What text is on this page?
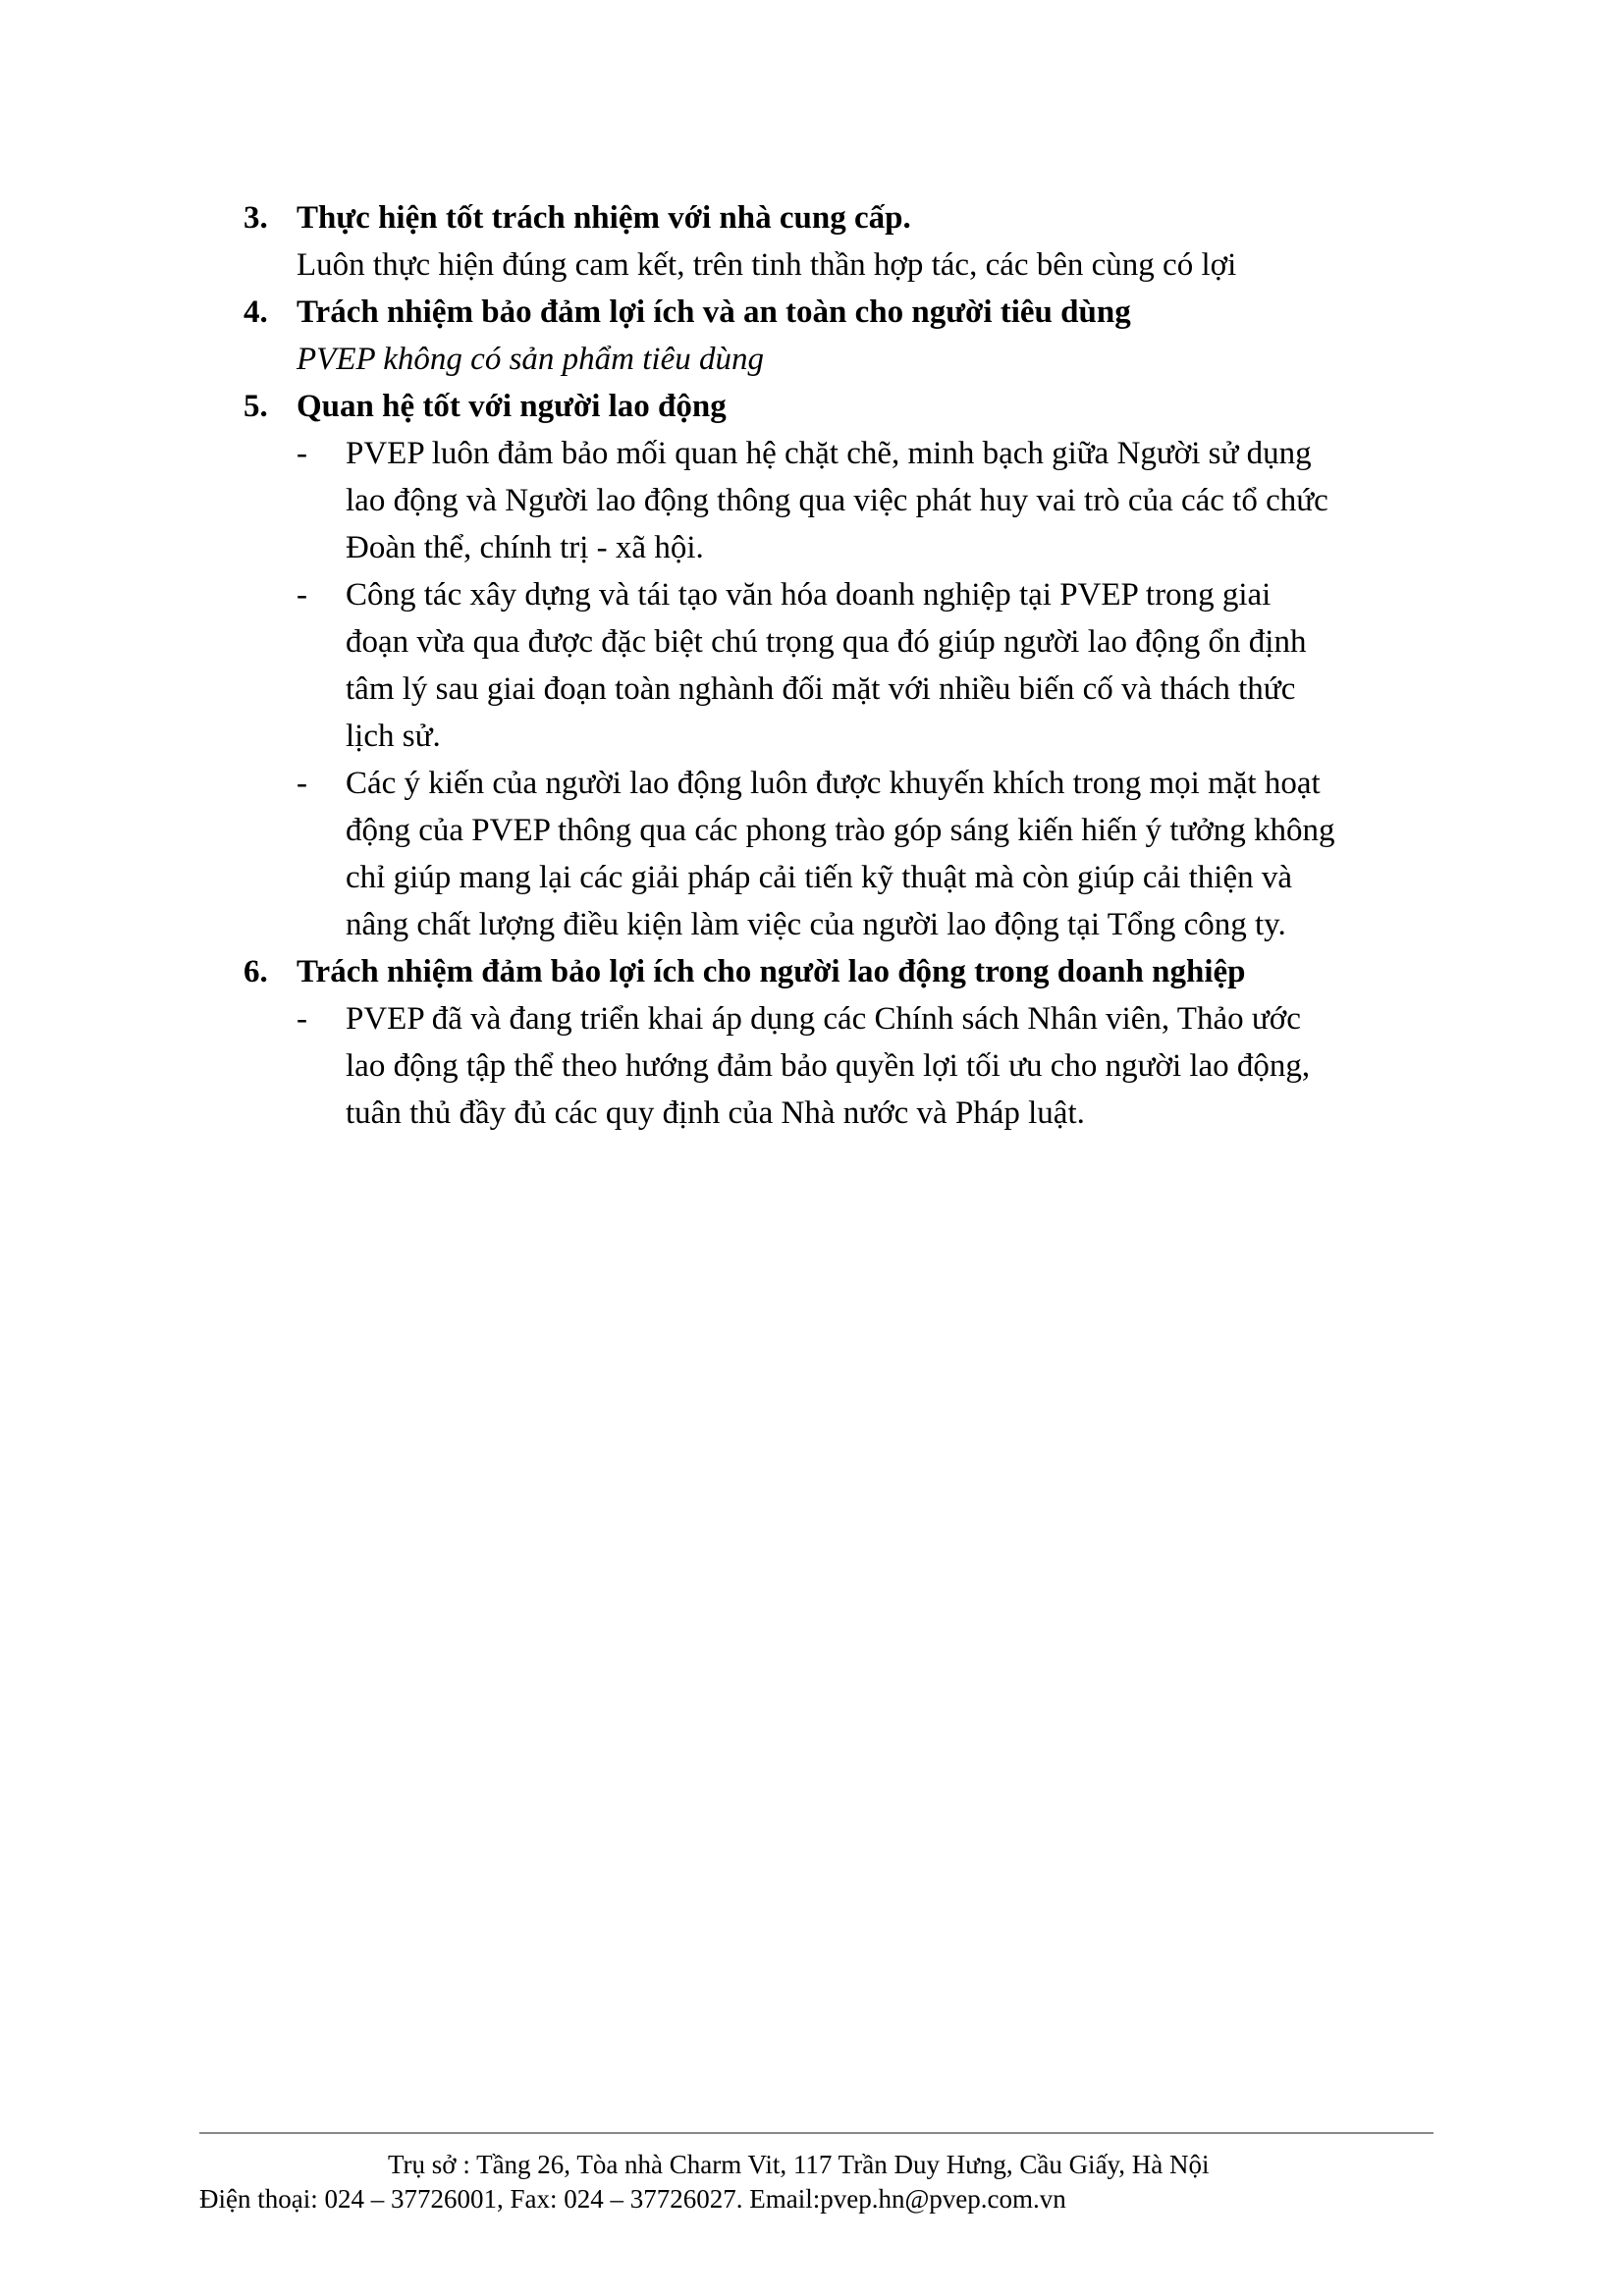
3. Thực hiện tốt trách nhiệm với nhà cung cấp.
Luôn thực hiện đúng cam kết, trên tinh thần hợp tác, các bên cùng có lợi
4. Trách nhiệm bảo đảm lợi ích và an toàn cho người tiêu dùng
PVEP không có sản phẩm tiêu dùng
5. Quan hệ tốt với người lao động
- PVEP luôn đảm bảo mối quan hệ chặt chẽ, minh bạch giữa Người sử dụng
lao động và Người lao động thông qua việc phát huy vai trò của các tổ chức
Đoàn thể, chính trị - xã hội.
- Công tác xây dựng và tái tạo văn hóa doanh nghiệp tại PVEP trong giai
đoạn vừa qua được đặc biệt chú trọng qua đó giúp người lao động ổn định
tâm lý sau giai đoạn toàn nghành đối mặt với nhiều biến cố và thách thức
lịch sử.
- Các ý kiến của người lao động luôn được khuyến khích trong mọi mặt hoạt
động của PVEP thông qua các phong trào góp sáng kiến hiến ý tưởng không
chỉ giúp mang lại các giải pháp cải tiến kỹ thuật mà còn giúp cải thiện và
nâng chất lượng điều kiện làm việc của người lao động tại Tổng công ty.
6. Trách nhiệm đảm bảo lợi ích cho người lao động trong doanh nghiệp
- PVEP đã và đang triển khai áp dụng các Chính sách Nhân viên, Thảo ước
lao động tập thể theo hướng đảm bảo quyền lợi tối ưu cho người lao động,
tuân thủ đầy đủ các quy định của Nhà nước và Pháp luật.
Trụ sở : Tầng 26, Tòa nhà Charm Vit, 117 Trần Duy Hưng, Cầu Giấy, Hà Nội
Điện thoại: 024 – 37726001, Fax: 024 – 37726027. Email:pvep.hn@pvep.com.vn
